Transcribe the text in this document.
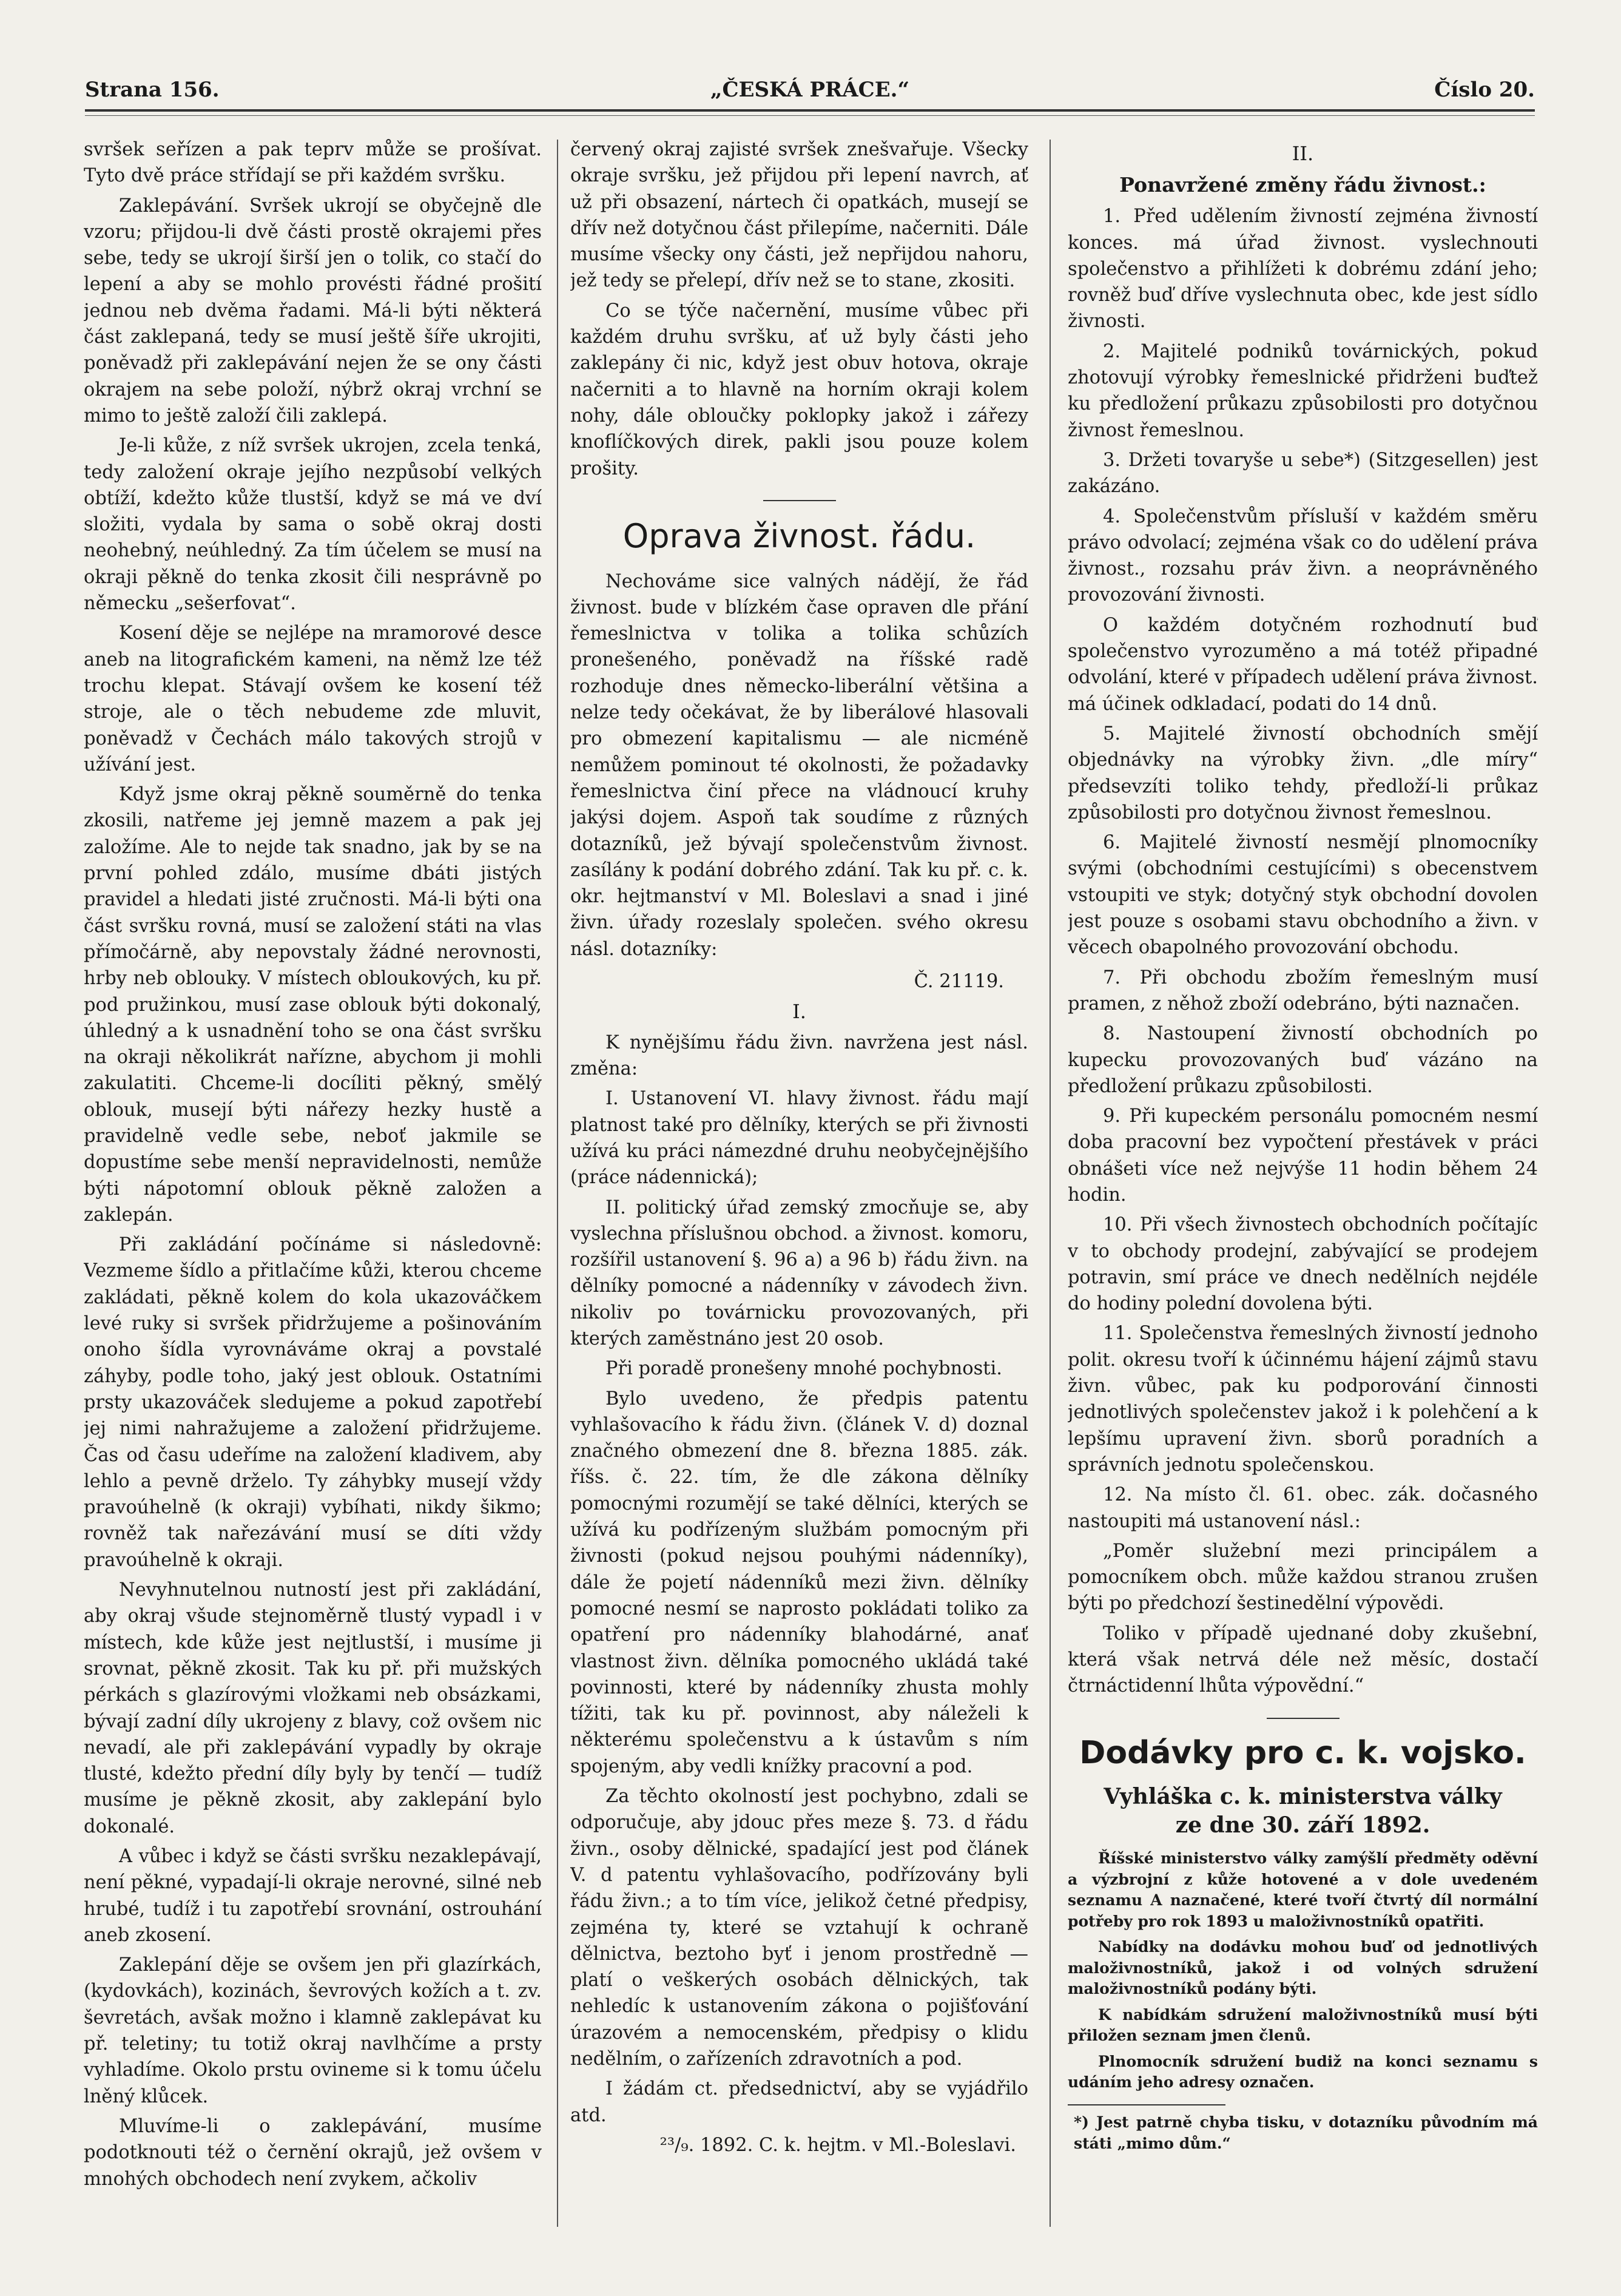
Strana 156.	„ČESKÁ PRÁCE.“	Číslo 20.

svršek seřízen a pak teprv může se prošívat. Tyto dvě práce střídají se při každém svršku.

Zaklepávání. Svršek ukrojí se obyčejně dle vzoru; přijdou-li dvě části prostě okrajemi přes sebe, tedy se ukrojí širší jen o tolik, co stačí do lepení a aby se mohlo provésti řádné prošití jednou neb dvěma řadami. Má-li býti některá část zaklepaná, tedy se musí ještě šíře ukrojiti, poněvadž při zaklepávání nejen že se ony části okrajem na sebe položí, nýbrž okraj vrchní se mimo to ještě založí čili zaklepá.

Je-li kůže, z níž svršek ukrojen, zcela tenká, tedy založení okraje jejího nezpůsobí velkých obtíží, kdežto kůže tlustší, když se má ve dví složiti, vydala by sama o sobě okraj dosti neohebný, neúhledný. Za tím účelem se musí na okraji pěkně do tenka zkosit čili nesprávně po německu „sešerfovat“.

Kosení děje se nejlépe na mramorové desce aneb na litografickém kameni, na němž lze též trochu klepat. Stávají ovšem ke kosení též stroje, ale o těch nebudeme zde mluvit, poněvadž v Čechách málo takových strojů v užívání jest.

Když jsme okraj pěkně souměrně do tenka zkosili, natřeme jej jemně mazem a pak jej založíme. Ale to nejde tak snadno, jak by se na první pohled zdálo, musíme dbáti jistých pravidel a hledati jisté zručnosti. Má-li býti ona část svršku rovná, musí se založení státi na vlas přímočárně, aby nepovstaly žádné nerovnosti, hrby neb oblouky. V místech obloukových, ku př. pod pružinkou, musí zase oblouk býti dokonalý, úhledný a k usnadnění toho se ona část svršku na okraji několikrát nařízne, abychom ji mohli zakulatiti. Chceme-li docíliti pěkný, smělý oblouk, musejí býti nářezy hezky hustě a pravidelně vedle sebe, neboť jakmile se dopustíme sebe menší nepravidelnosti, nemůže býti nápotomní oblouk pěkně založen a zaklepán.

Při zakládání počínáme si následovně: Vezmeme šídlo a přitlačíme kůži, kterou chceme zakládati, pěkně kolem do kola ukazováčkem levé ruky si svršek přidržujeme a pošinováním onoho šídla vyrovnáváme okraj a povstalé záhyby, podle toho, jaký jest oblouk. Ostatními prsty ukazováček sledujeme a pokud zapotřebí jej nimi nahražujeme a založení přidržujeme. Čas od času udeříme na založení kladivem, aby lehlo a pevně drželo. Ty záhybky musejí vždy pravoúhelně (k okraji) vybíhati, nikdy šikmo; rovněž tak nařezávání musí se díti vždy pravoúhelně k okraji.

Nevyhnutelnou nutností jest při zakládání, aby okraj všude stejnoměrně tlustý vypadl i v místech, kde kůže jest nejtlustší, i musíme ji srovnat, pěkně zkosit. Tak ku př. při mužských pérkách s glazírovými vložkami neb obsázkami, bývají zadní díly ukrojeny z blavy, což ovšem nic nevadí, ale při zaklepávání vypadly by okraje tlusté, kdežto přední díly byly by tenčí — tudíž musíme je pěkně zkosit, aby zaklepání bylo dokonalé.

A vůbec i když se části svršku nezaklepávají, není pěkné, vypadají-li okraje nerovné, silné neb hrubé, tudíž i tu zapotřebí srovnání, ostrouhání aneb zkosení.

Zaklepání děje se ovšem jen při glazírkách, (kydovkách), kozinách, ševrových kožích a t. zv. ševretách, avšak možno i klamně zaklepávat ku př. teletiny; tu totiž okraj navlhčíme a prsty vyhladíme. Okolo prstu ovineme si k tomu účelu lněný klůcek.

Mluvíme-li o zaklepávání, musíme podotknouti též o černění okrajů, jež ovšem v mnohých obchodech není zvykem, ačkoliv

červený okraj zajisté svršek znešvařuje. Všecky okraje svršku, jež přijdou při lepení navrch, ať už při obsazení, nártech či opatkách, musejí se dřív než dotyčnou část přilepíme, načerniti. Dále musíme všecky ony části, jež nepřijdou nahoru, jež tedy se přelepí, dřív než se to stane, zkositi.

Co se týče načernění, musíme vůbec při každém druhu svršku, ať už byly části jeho zaklepány či nic, když jest obuv hotova, okraje načerniti a to hlavně na horním okraji kolem nohy, dále obloučky poklopky jakož i zářezy knoflíčkových direk, pakli jsou pouze kolem prošity.

Oprava živnost. řádu.

Nechováme sice valných nádějí, že řád živnost. bude v blízkém čase opraven dle přání řemeslnictva v tolika a tolika schůzích pronešeného, poněvadž na říšské radě rozhoduje dnes německo-liberální většina a nelze tedy očekávat, že by liberálové hlasovali pro obmezení kapitalismu — ale nicméně nemůžem pominout té okolnosti, že požadavky řemeslnictva činí přece na vládnoucí kruhy jakýsi dojem. Aspoň tak soudíme z různých dotazníků, jež bývají společenstvům živnost. zasílány k podání dobrého zdání. Tak ku př. c. k. okr. hejtmanství v Ml. Boleslavi a snad i jiné živn. úřady rozeslaly společen. svého okresu násl. dotazníky:

Č. 21119.

I.

K nynějšímu řádu živn. navržena jest násl. změna:

I. Ustanovení VI. hlavy živnost. řádu mají platnost také pro dělníky, kterých se při živnosti užívá ku práci námezdné druhu neobyčejnějšího (práce nádennická);

II. politický úřad zemský zmocňuje se, aby vyslechna příslušnou obchod. a živnost. komoru, rozšířil ustanovení §. 96 a) a 96 b) řádu živn. na dělníky pomocné a nádenníky v závodech živn. nikoliv po továrnicku provozovaných, při kterých zaměstnáno jest 20 osob.

Při poradě pronešeny mnohé pochybnosti.

Bylo uvedeno, že předpis patentu vyhlašovacího k řádu živn. (článek V. d) doznal značného obmezení dne 8. března 1885. zák. říšs. č. 22. tím, že dle zákona dělníky pomocnými rozumějí se také dělníci, kterých se užívá ku podřízeným službám pomocným při živnosti (pokud nejsou pouhými nádenníky), dále že pojetí nádenníků mezi živn. dělníky pomocné nesmí se naprosto pokládati toliko za opatření pro nádenníky blahodárné, anať vlastnost živn. dělníka pomocného ukládá také povinnosti, které by nádenníky zhusta mohly tížiti, tak ku př. povinnost, aby náleželi k některému společenstvu a k ústavům s ním spojeným, aby vedli knížky pracovní a pod.

Za těchto okolností jest pochybno, zdali se odporučuje, aby jdouc přes meze §. 73. d řádu živn., osoby dělnické, spadající jest pod článek V. d patentu vyhlašovacího, podřízovány byli řádu živn.; a to tím více, jelikož četné předpisy, zejména ty, které se vztahují k ochraně dělnictva, beztoho byť i jenom prostředně — platí o veškerých osobách dělnických, tak nehledíc k ustanovením zákona o pojišťování úrazovém a nemocenském, předpisy o klidu nedělním, o zařízeních zdravotních a pod.

I žádám ct. předsednictví, aby se vyjádřilo atd.

²³/₉. 1892. C. k. hejtm. v Ml.-Boleslavi.

II.

Ponavržené změny řádu živnost.:

1. Před udělením živností zejména živností konces. má úřad živnost. vyslechnouti společenstvo a přihlížeti k dobrému zdání jeho; rovněž buď dříve vyslechnuta obec, kde jest sídlo živnosti.

2. Majitelé podniků továrnických, pokud zhotovují výrobky řemeslnické přidrženi buďtež ku předložení průkazu způsobilosti pro dotyčnou živnost řemeslnou.

3. Držeti tovaryše u sebe*) (Sitzgesellen) jest zakázáno.

4. Společenstvům přísluší v každém směru právo odvolací; zejména však co do udělení práva živnost., rozsahu práv živn. a neoprávněného provozování živnosti.

O každém dotyčném rozhodnutí buď společenstvo vyrozuměno a má totéž připadné odvolání, které v případech udělení práva živnost. má účinek odkladací, podati do 14 dnů.

5. Majitelé živností obchodních smějí objednávky na výrobky živn. „dle míry“ předsevzíti toliko tehdy, předloží-li průkaz způsobilosti pro dotyčnou živnost řemeslnou.

6. Majitelé živností nesmějí plnomocníky svými (obchodními cestujícími) s obecenstvem vstoupiti ve styk; dotyčný styk obchodní dovolen jest pouze s osobami stavu obchodního a živn. v věcech obapolného provozování obchodu.

7. Při obchodu zbožím řemeslným musí pramen, z něhož zboží odebráno, býti naznačen.

8. Nastoupení živností obchodních po kupecku provozovaných buď vázáno na předložení průkazu způsobilosti.

9. Při kupeckém personálu pomocném nesmí doba pracovní bez vypočtení přestávek v práci obnášeti více než nejvýše 11 hodin během 24 hodin.

10. Při všech živnostech obchodních počítajíc v to obchody prodejní, zabývající se prodejem potravin, smí práce ve dnech nedělních nejdéle do hodiny polední dovolena býti.

11. Společenstva řemeslných živností jednoho polit. okresu tvoří k účinnému hájení zájmů stavu živn. vůbec, pak ku podporování činnosti jednotlivých společenstev jakož i k polehčení a k lepšímu upravení živn. sborů poradních a správních jednotu společenskou.

12. Na místo čl. 61. obec. zák. dočasného nastoupiti má ustanovení násl.:

„Poměr služební mezi principálem a pomocníkem obch. může každou stranou zrušen býti po předchozí šestinedělní výpovědi.

Toliko v případě ujednané doby zkušební, která však netrvá déle než měsíc, dostačí čtrnáctidenní lhůta výpovědní.“

Dodávky pro c. k. vojsko.
Vyhláška c. k. ministerstva války
ze dne 30. září 1892.

Říšské ministerstvo války zamýšlí předměty oděvní a výzbrojní z kůže hotovené a v dole uvedeném seznamu A naznačené, které tvoří čtvrtý díl normální potřeby pro rok 1893 u maloživnostníků opatřiti.

Nabídky na dodávku mohou buď od jednotlivých maloživnostníků, jakož i od volných sdružení maloživnostníků podány býti.

K nabídkám sdružení maloživnostníků musí býti přiložen seznam jmen členů.

Plnomocník sdružení budiž na konci seznamu s udáním jeho adresy označen.

*) Jest patrně chyba tisku, v dotazníku původním má státi „mimo dům.“
